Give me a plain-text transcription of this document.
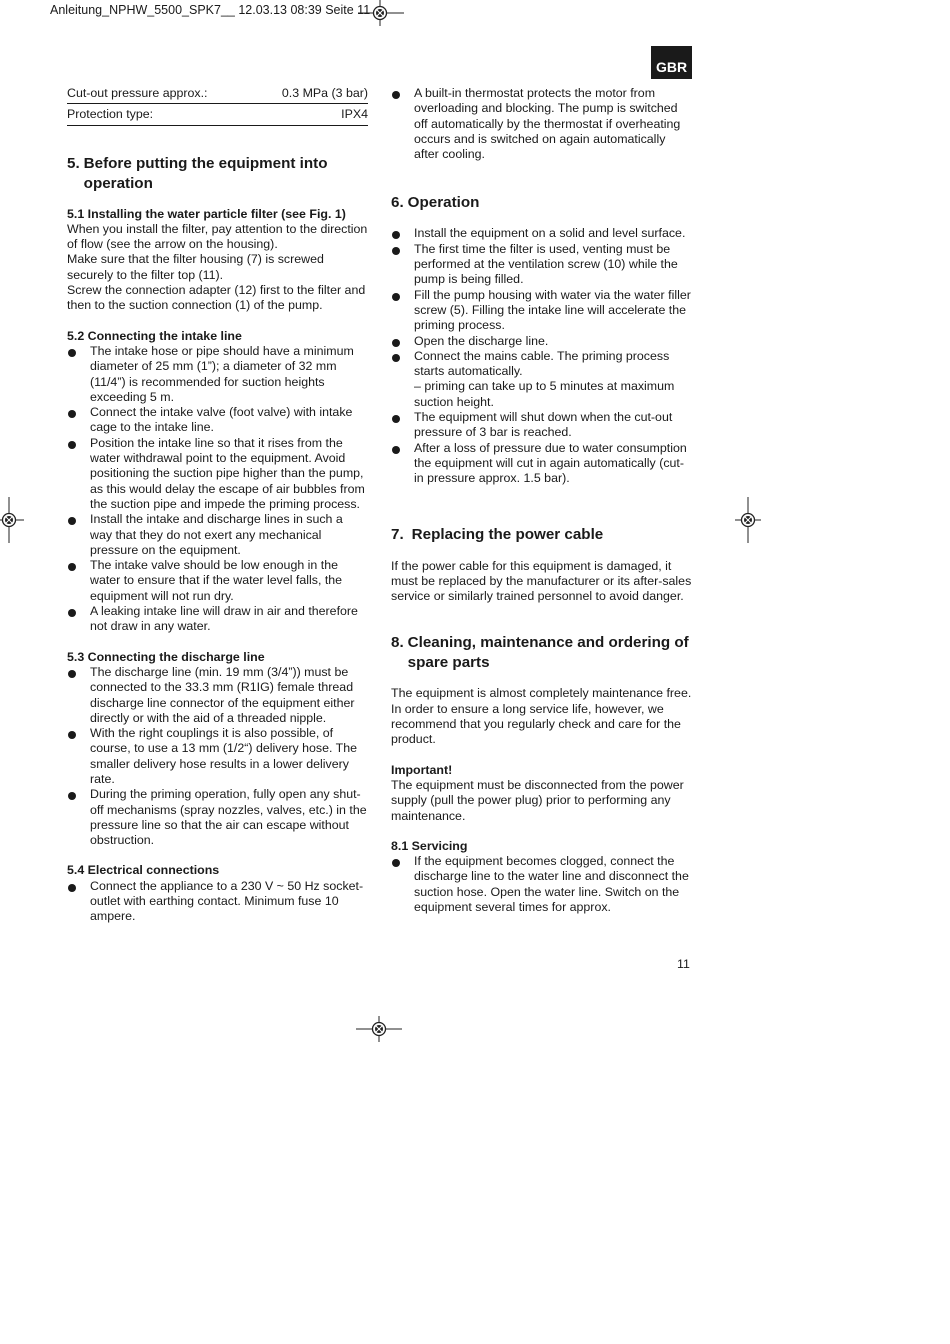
Anleitung_NPHW_5500_SPK7__ 12.03.13 08:39 Seite 11
GBR
Cut-out pressure approx.:	0.3 MPa (3 bar)
Protection type:	IPX4
5. Before putting the equipment into operation
5.1 Installing the water particle filter (see Fig. 1)

When you install the filter, pay attention to the direction of flow (see the arrow on the housing).

Make sure that the filter housing (7) is screwed securely to the filter top (11).

Screw the connection adapter (12) first to the filter and then to the suction connection (1) of the pump.

5.2 Connecting the intake line
The intake hose or pipe should have a minimum diameter of 25 mm (1”); a diameter of 32 mm (11/4”) is recommended for suction heights exceeding 5 m.
Connect the intake valve (foot valve) with intake cage to the intake line.
Position the intake line so that it rises from the water withdrawal point to the equipment. Avoid positioning the suction pipe higher than the pump, as this would delay the escape of air bubbles from the suction pipe and impede the priming process.
Install the intake and discharge lines in such a way that they do not exert any mechanical pressure on the equipment.
The intake valve should be low enough in the water to ensure that if the water level falls, the equipment will not run dry.
A leaking intake line will draw in air and therefore not draw in any water.
5.3 Connecting the discharge line
The discharge line (min. 19 mm (3/4”)) must be connected to the 33.3 mm (R1IG) female thread discharge line connector of the equipment either directly or with the aid of a threaded nipple.
With the right couplings it is also possible, of course, to use a 13 mm (1/2“) delivery hose. The smaller delivery hose results in a lower delivery rate.
During the priming operation, fully open any shut-off mechanisms (spray nozzles, valves, etc.) in the pressure line so that the air can escape without obstruction.
5.4 Electrical connections
Connect the appliance to a 230 V ~ 50 Hz socket-outlet with earthing contact. Minimum fuse 10 ampere.
A built-in thermostat protects the motor from overloading and blocking. The pump is switched off automatically by the thermostat if overheating occurs and is switched on again automatically after cooling.
6. Operation
Install the equipment on a solid and level surface.
The first time the filter is used, venting must be performed at the ventilation screw (10) while the pump is being filled.
Fill the pump housing with water via the water filler screw (5). Filling the intake line will accelerate the priming process.
Open the discharge line.
Connect the mains cable. The priming process starts automatically.
– priming can take up to 5 minutes at maximum suction height.
The equipment will shut down when the cut-out pressure of 3 bar is reached.
After a loss of pressure due to water consumption the equipment will cut in again automatically (cut-in pressure approx. 1.5 bar).
7. Replacing the power cable

If the power cable for this equipment is damaged, it must be replaced by the manufacturer or its after-sales service or similarly trained personnel to avoid danger.

8. Cleaning, maintenance and ordering of spare parts

The equipment is almost completely maintenance free. In order to ensure a long service life, however, we recommend that you regularly check and care for the product.

Important!

The equipment must be disconnected from the power supply (pull the power plug) prior to performing any maintenance.

8.1 Servicing
If the equipment becomes clogged, connect the discharge line to the water line and disconnect the suction hose. Open the water line. Switch on the equipment several times for approx.
11
